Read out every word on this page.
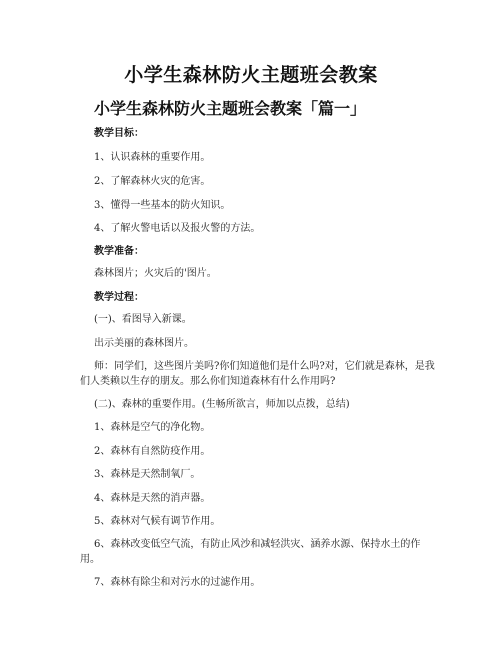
小学生森林防火主题班会教案
小学生森林防火主题班会教案「篇一」
教学目标：
1、认识森林的重要作用。
2、了解森林火灾的危害。
3、懂得一些基本的防火知识。
4、了解火警电话以及报火警的方法。
教学准备：
森林图片；火灾后的'图片。
教学过程：
(一)、看图导入新课。
出示美丽的森林图片。
师：同学们，这些图片美吗?你们知道他们是什么吗?对，它们就是森林，是我
们人类赖以生存的朋友。那么你们知道森林有什么作用吗?
(二)、森林的重要作用。(生畅所欲言，师加以点拨，总结)
1、森林是空气的净化物。
2、森林有自然防疫作用。
3、森林是天然制氧厂。
4、森林是天然的消声器。
5、森林对气候有调节作用。
6、森林改变低空气流，有防止风沙和减轻洪灾、涵养水源、保持水土的作
用。
7、森林有除尘和对污水的过滤作用。
